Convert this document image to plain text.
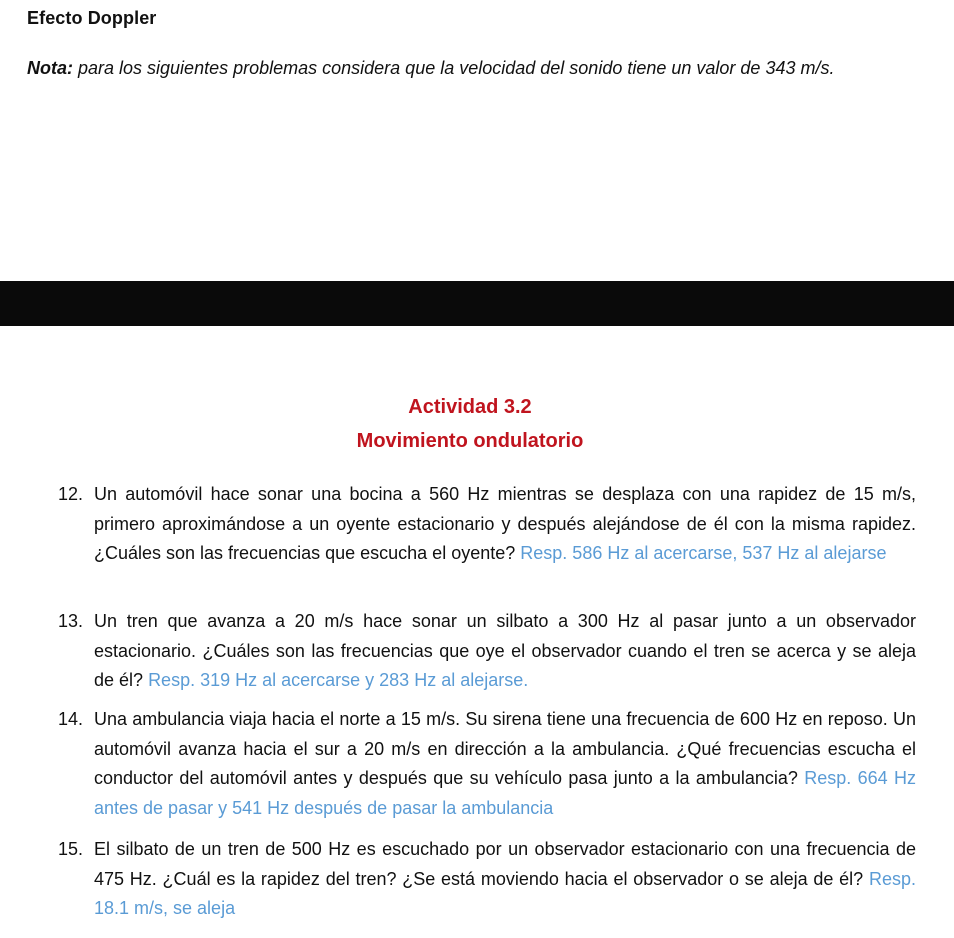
Efecto Doppler
Nota: para los siguientes problemas considera que la velocidad del sonido tiene un valor de 343 m/s.
Actividad 3.2
Movimiento ondulatorio
12. Un automóvil hace sonar una bocina a 560 Hz mientras se desplaza con una rapidez de 15 m/s, primero aproximándose a un oyente estacionario y después alejándose de él con la misma rapidez. ¿Cuáles son las frecuencias que escucha el oyente? Resp. 586 Hz al acercarse, 537 Hz al alejarse
13. Un tren que avanza a 20 m/s hace sonar un silbato a 300 Hz al pasar junto a un observador estacionario. ¿Cuáles son las frecuencias que oye el observador cuando el tren se acerca y se aleja de él? Resp. 319 Hz al acercarse y 283 Hz al alejarse.
14. Una ambulancia viaja hacia el norte a 15 m/s. Su sirena tiene una frecuencia de 600 Hz en reposo. Un automóvil avanza hacia el sur a 20 m/s en dirección a la ambulancia. ¿Qué frecuencias escucha el conductor del automóvil antes y después que su vehículo pasa junto a la ambulancia? Resp. 664 Hz antes de pasar y 541 Hz después de pasar la ambulancia
15. El silbato de un tren de 500 Hz es escuchado por un observador estacionario con una frecuencia de 475 Hz. ¿Cuál es la rapidez del tren? ¿Se está moviendo hacia el observador o se aleja de él? Resp. 18.1 m/s, se aleja
